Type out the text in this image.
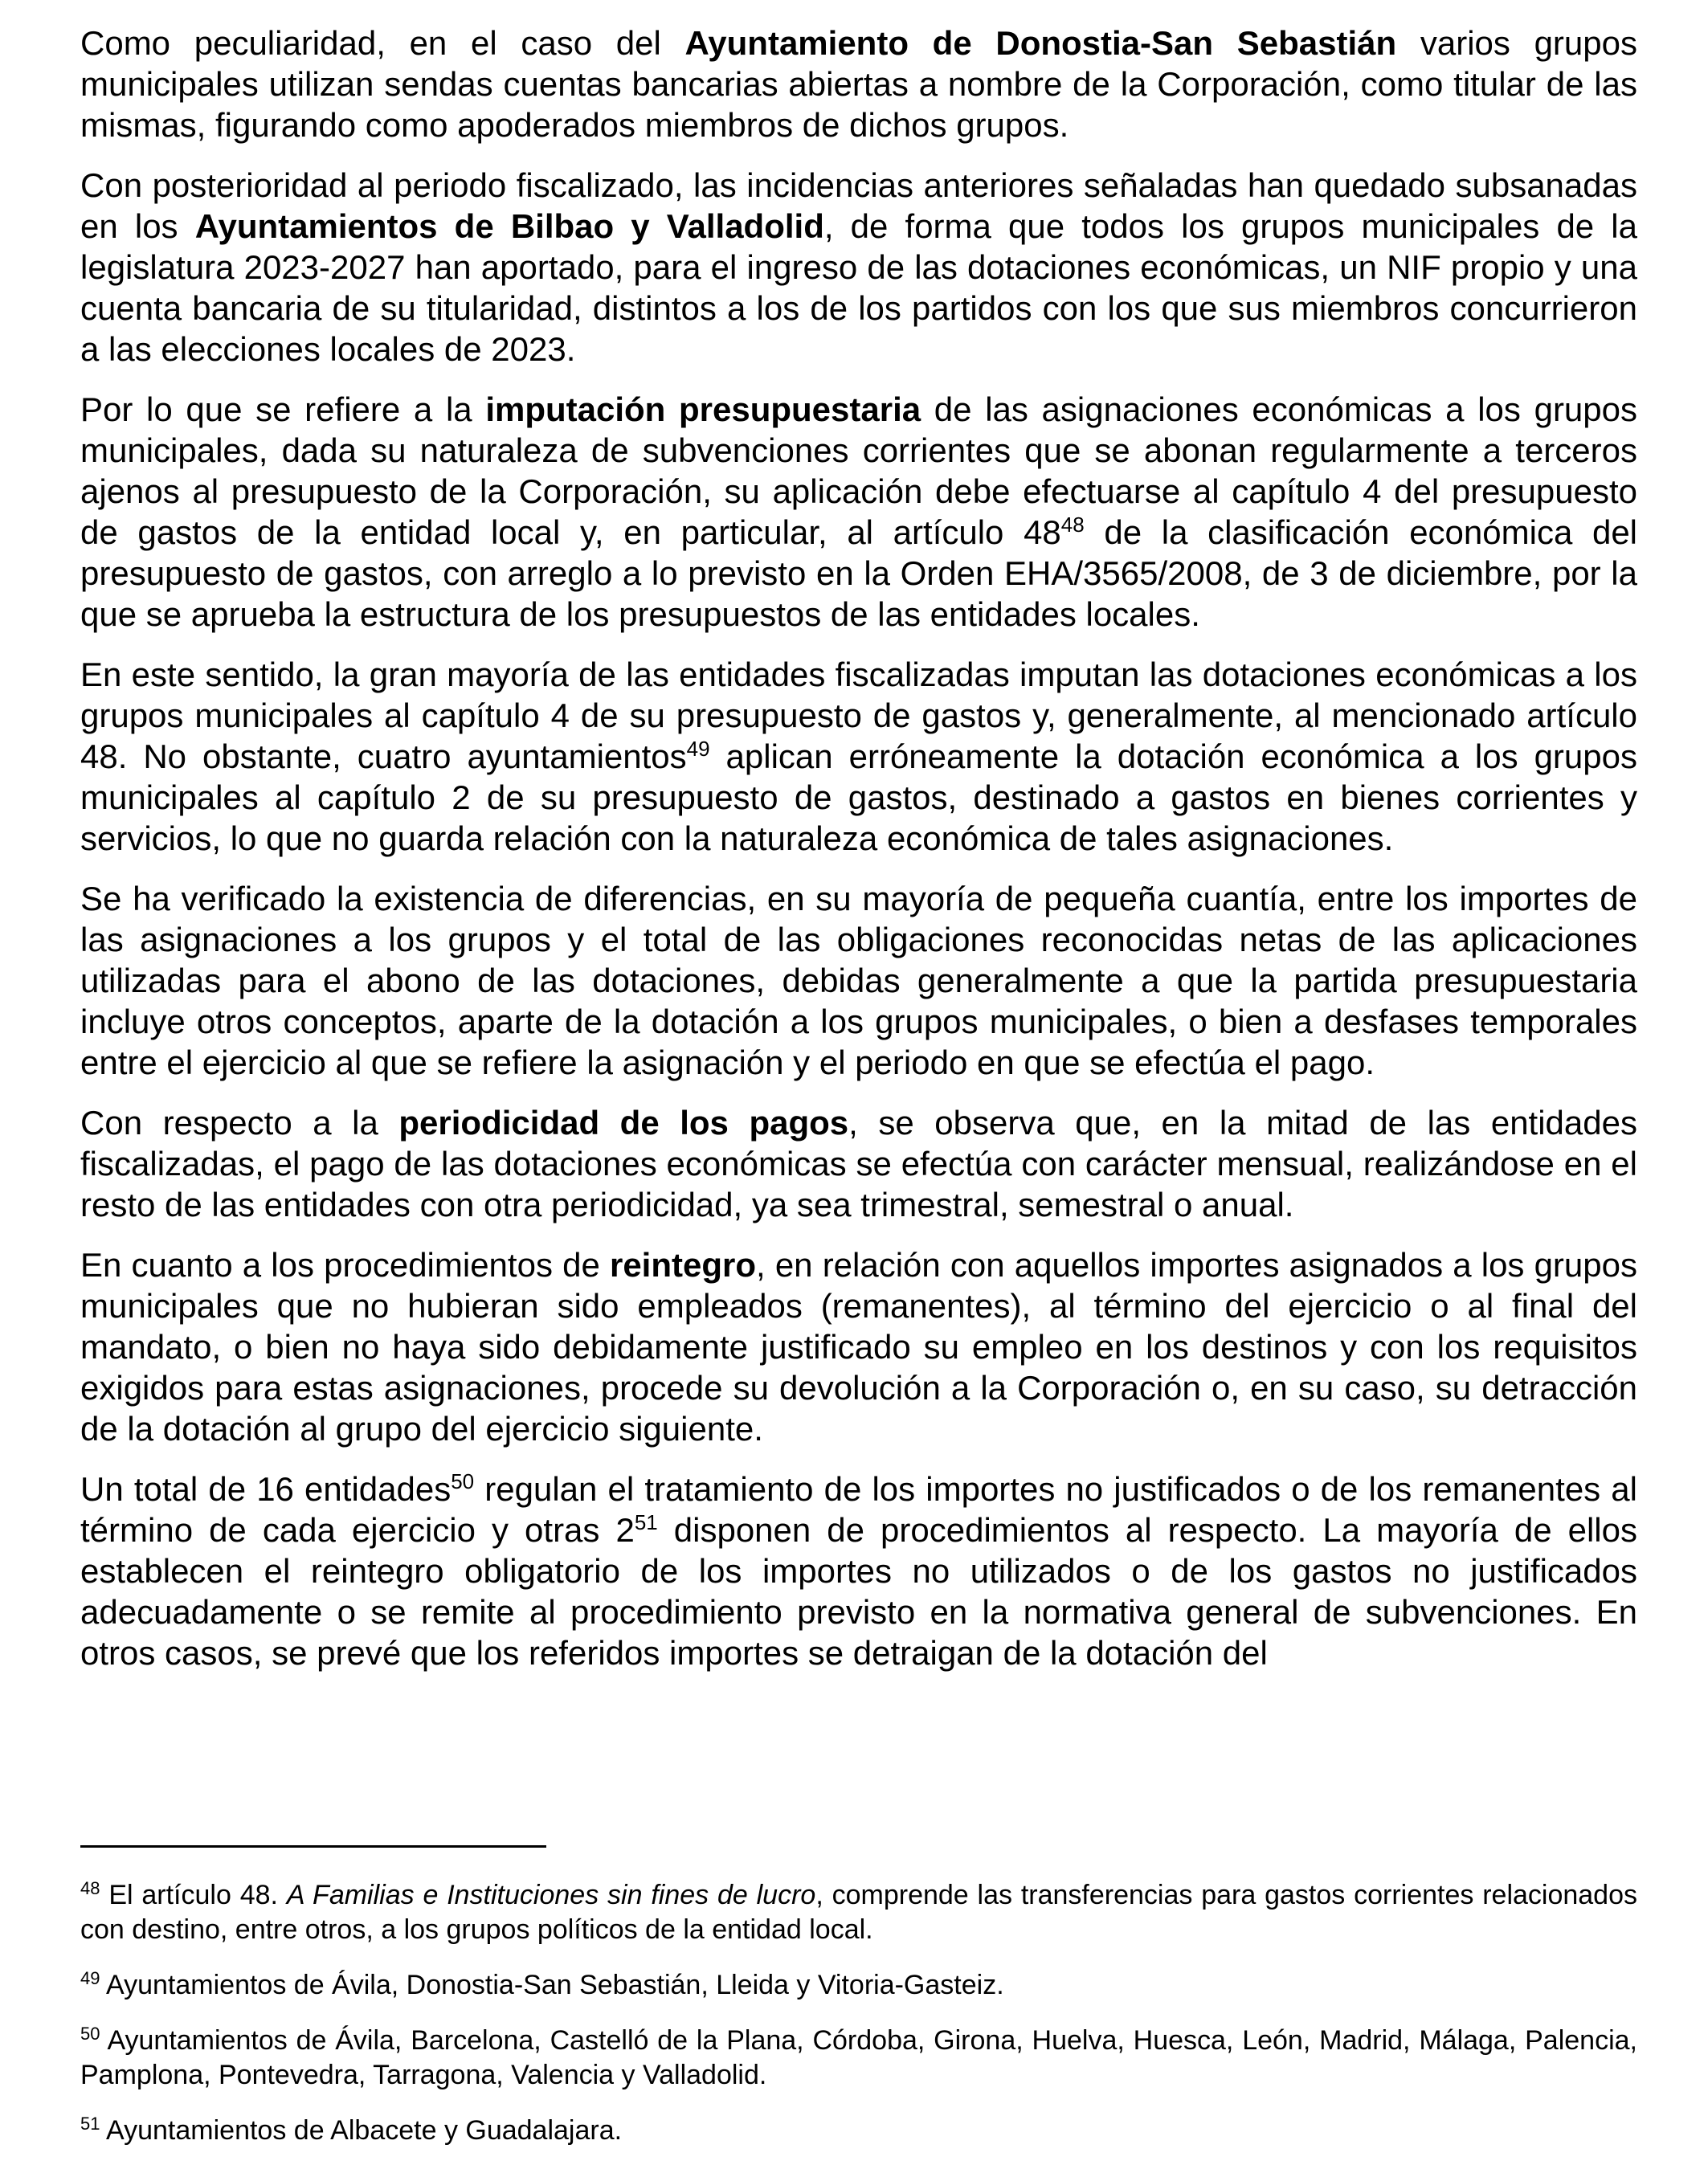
Como peculiaridad, en el caso del Ayuntamiento de Donostia-San Sebastián varios grupos municipales utilizan sendas cuentas bancarias abiertas a nombre de la Corporación, como titular de las mismas, figurando como apoderados miembros de dichos grupos.

Con posterioridad al periodo fiscalizado, las incidencias anteriores señaladas han quedado subsanadas en los Ayuntamientos de Bilbao y Valladolid, de forma que todos los grupos municipales de la legislatura 2023-2027 han aportado, para el ingreso de las dotaciones económicas, un NIF propio y una cuenta bancaria de su titularidad, distintos a los de los partidos con los que sus miembros concurrieron a las elecciones locales de 2023.

Por lo que se refiere a la imputación presupuestaria de las asignaciones económicas a los grupos municipales, dada su naturaleza de subvenciones corrientes que se abonan regularmente a terceros ajenos al presupuesto de la Corporación, su aplicación debe efectuarse al capítulo 4 del presupuesto de gastos de la entidad local y, en particular, al artículo $48^{48}$ de la clasificación económica del presupuesto de gastos, con arreglo a lo previsto en la Orden EHA/3565/2008, de 3 de diciembre, por la que se aprueba la estructura de los presupuestos de las entidades locales.

En este sentido, la gran mayoría de las entidades fiscalizadas imputan las dotaciones económicas a los grupos municipales al capítulo 4 de su presupuesto de gastos y, generalmente, al mencionado artículo 48. No obstante, cuatro ayuntamientos$^{49}$ aplican erróneamente la dotación económica a los grupos municipales al capítulo 2 de su presupuesto de gastos, destinado a gastos en bienes corrientes y servicios, lo que no guarda relación con la naturaleza económica de tales asignaciones.

Se ha verificado la existencia de diferencias, en su mayoría de pequeña cuantía, entre los importes de las asignaciones a los grupos y el total de las obligaciones reconocidas netas de las aplicaciones utilizadas para el abono de las dotaciones, debidas generalmente a que la partida presupuestaria incluye otros conceptos, aparte de la dotación a los grupos municipales, o bien a desfases temporales entre el ejercicio al que se refiere la asignación y el periodo en que se efectúa el pago.

Con respecto a la periodicidad de los pagos, se observa que, en la mitad de las entidades fiscalizadas, el pago de las dotaciones económicas se efectúa con carácter mensual, realizándose en el resto de las entidades con otra periodicidad, ya sea trimestral, semestral o anual.

En cuanto a los procedimientos de reintegro, en relación con aquellos importes asignados a los grupos municipales que no hubieran sido empleados (remanentes), al término del ejercicio o al final del mandato, o bien no haya sido debidamente justificado su empleo en los destinos y con los requisitos exigidos para estas asignaciones, procede su devolución a la Corporación o, en su caso, su detracción de la dotación al grupo del ejercicio siguiente.

Un total de 16 entidades$^{50}$ regulan el tratamiento de los importes no justificados o de los remanentes al término de cada ejercicio y otras $2^{51}$ disponen de procedimientos al respecto. La mayoría de ellos establecen el reintegro obligatorio de los importes no utilizados o de los gastos no justificados adecuadamente o se remite al procedimiento previsto en la normativa general de subvenciones. En otros casos, se prevé que los referidos importes se detraigan de la dotación del

$^{48}$ El artículo 48. A Familias e Instituciones sin fines de lucro, comprende las transferencias para gastos corrientes relacionados con destino, entre otros, a los grupos políticos de la entidad local.

$^{49}$ Ayuntamientos de Ávila, Donostia-San Sebastián, Lleida y Vitoria-Gasteiz.

$^{50}$ Ayuntamientos de Ávila, Barcelona, Castelló de la Plana, Córdoba, Girona, Huelva, Huesca, León, Madrid, Málaga, Palencia, Pamplona, Pontevedra, Tarragona, Valencia y Valladolid.

$^{51}$ Ayuntamientos de Albacete y Guadalajara.
